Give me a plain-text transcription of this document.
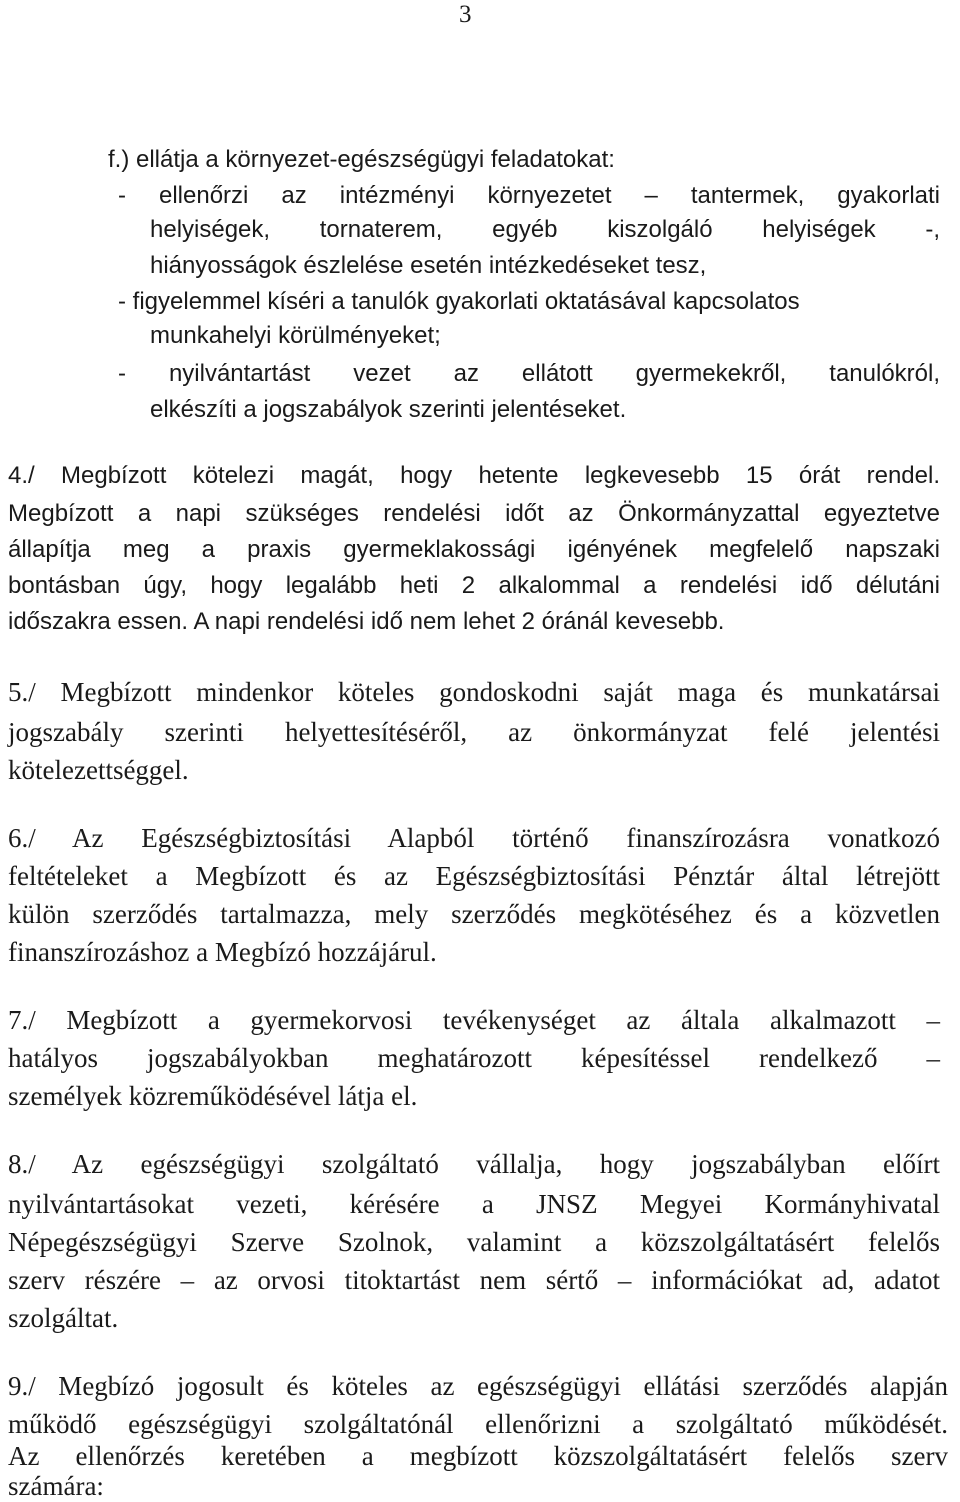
3
f.) ellátja a környezet-egészségügyi feladatokat:
- ellenőrzi az intézményi környezetet – tantermek, gyakorlati
helyiségek, tornaterem, egyéb kiszolgáló helyiségek -,
hiányosságok észlelése esetén intézkedéseket tesz,
- figyelemmel kíséri a tanulók gyakorlati oktatásával kapcsolatos
munkahelyi körülményeket;
- nyilvántartást vezet az ellátott gyermekekről, tanulókról,
elkészíti a jogszabályok szerinti jelentéseket.
4./ Megbízott kötelezi magát, hogy hetente legkevesebb 15 órát rendel.
Megbízott a napi szükséges rendelési időt az Önkormányzattal egyeztetve
állapítja meg a praxis gyermeklakossági igényének megfelelő napszaki
bontásban úgy, hogy legalább heti 2 alkalommal a rendelési idő délutáni
időszakra essen. A napi rendelési idő nem lehet 2 óránál kevesebb.
5./ Megbízott mindenkor köteles gondoskodni saját maga és munkatársai
jogszabály szerinti helyettesítéséről, az önkormányzat felé jelentési
kötelezettséggel.
6./ Az Egészségbiztosítási Alapból történő finanszírozásra vonatkozó
feltételeket a Megbízott és az Egészségbiztosítási Pénztár által létrejött
külön szerződés tartalmazza, mely szerződés megkötéséhez és a közvetlen
finanszírozáshoz a Megbízó hozzájárul.
7./ Megbízott a gyermekorvosi tevékenységet az általa alkalmazott –
hatályos jogszabályokban meghatározott képesítéssel rendelkező –
személyek közreműködésével látja el.
8./ Az egészségügyi szolgáltató vállalja, hogy jogszabályban előírt
nyilvántartásokat vezeti, kérésére a JNSZ Megyei Kormányhivatal
Népegészségügyi Szerve Szolnok, valamint a közszolgáltatásért felelős
szerv részére – az orvosi titoktartást nem sértő – információkat ad, adatot
szolgáltat.
9./ Megbízó jogosult és köteles az egészségügyi ellátási szerződés alapján
működő egészségügyi szolgáltatónál ellenőrizni a szolgáltató működését.
Az ellenőrzés keretében a megbízott közszolgáltatásért felelős szerv
számára:
